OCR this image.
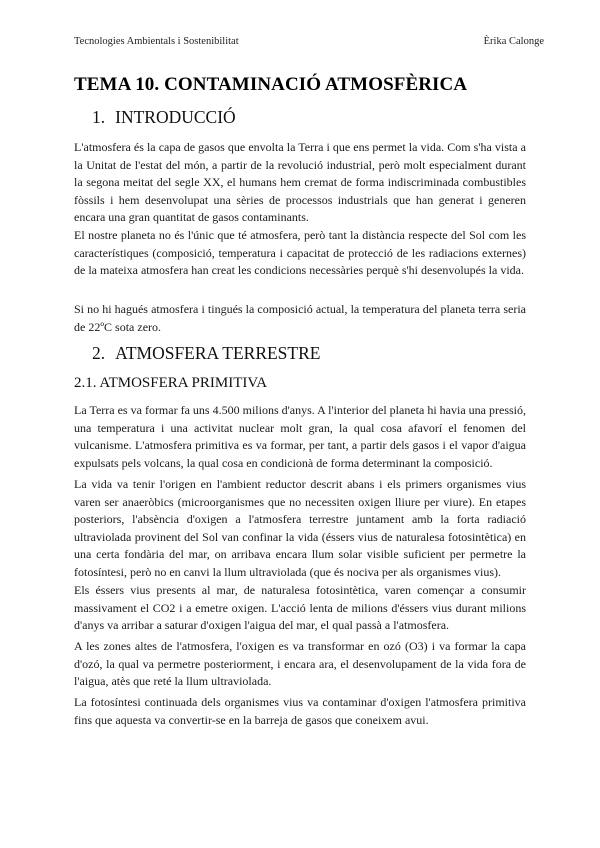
Tecnologies Ambientals i Sostenibilitat	Èrika Calonge
TEMA 10. CONTAMINACIÓ ATMOSFÈRICA
1. INTRODUCCIÓ

L'atmosfera és la capa de gasos que envolta la Terra i que ens permet la vida. Com s'ha vista a la Unitat de l'estat del món, a partir de la revolució industrial, però molt especialment durant la segona meitat del segle XX, el humans hem cremat de forma indiscriminada combustibles fòssils i hem desenvolupat una sèries de processos industrials que han generat i generen encara una gran quantitat de gasos contaminants.

El nostre planeta no és l'únic que té atmosfera, però tant la distància respecte del Sol com les característiques (composició, temperatura i capacitat de protecció de les radiacions externes) de la mateixa atmosfera han creat les condicions necessàries perquè s'hi desenvolupés la vida.

Si no hi hagués atmosfera i tingués la composició actual, la temperatura del planeta terra seria de 22ºC sota zero.

2. ATMOSFERA TERRESTRE
2.1. ATMOSFERA PRIMITIVA

La Terra es va formar fa uns 4.500 milions d'anys. A l'interior del planeta hi havia una pressió, una temperatura i una activitat nuclear molt gran, la qual cosa afavorí el fenomen del vulcanisme. L'atmosfera primitiva es va formar, per tant, a partir dels gasos i el vapor d'aigua expulsats pels volcans, la qual cosa en condicionà de forma determinant la composició.

La vida va tenir l'origen en l'ambient reductor descrit abans i els primers organismes vius varen ser anaeròbics (microorganismes que no necessiten oxigen lliure per viure). En etapes posteriors, l'absència d'oxigen a l'atmosfera terrestre juntament amb la forta radiació ultraviolada provinent del Sol van confinar la vida (éssers vius de naturalesa fotosintètica) en una certa fondària del mar, on arribava encara llum solar visible suficient per permetre la fotosíntesi, però no en canvi la llum ultraviolada (que és nociva per als organismes vius).

Els éssers vius presents al mar, de naturalesa fotosintètica, varen començar a consumir massivament el CO2 i a emetre oxigen. L'acció lenta de milions d'éssers vius durant milions d'anys va arribar a saturar d'oxigen l'aigua del mar, el qual passà a l'atmosfera.

A les zones altes de l'atmosfera, l'oxigen es va transformar en ozó (O3) i va formar la capa d'ozó, la qual va permetre posteriorment, i encara ara, el desenvolupament de la vida fora de l'aigua, atès que reté la llum ultraviolada.

La fotosíntesi continuada dels organismes vius va contaminar d'oxigen l'atmosfera primitiva fins que aquesta va convertir-se en la barreja de gasos que coneixem avui.
